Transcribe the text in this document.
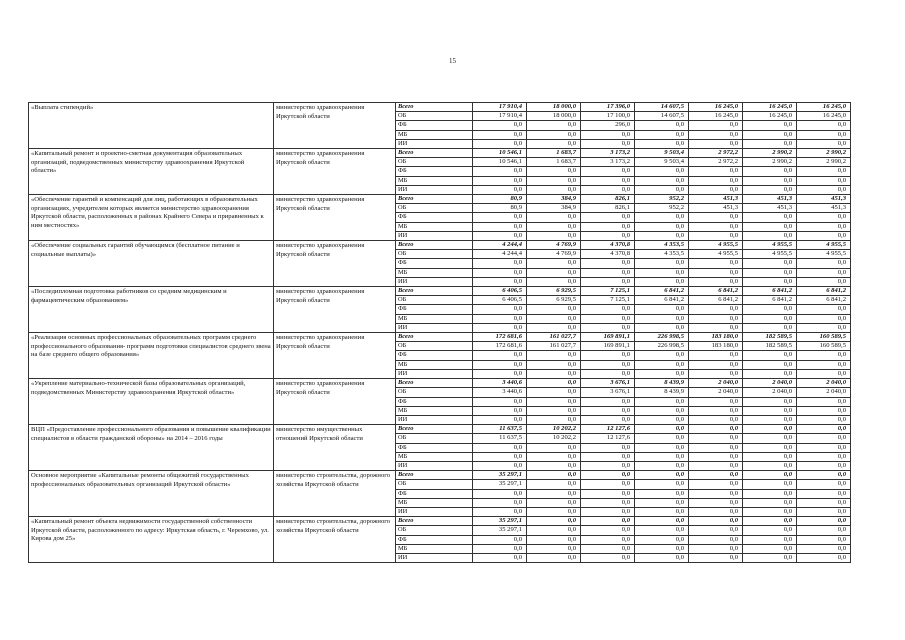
15
«Выплата стипендий»	министерство здравоохранения Иркутской области	Всего	17 910,4	18 000,0	17 396,0	14 607,5	16 245,0	16 245,0	16 245,0
		ОБ	17 910,4	18 000,0	17 100,0	14 607,5	16 245,0	16 245,0	16 245,0
		ФБ	0,0	0,0	296,0	0,0	0,0	0,0	0,0
		МБ	0,0	0,0	0,0	0,0	0,0	0,0	0,0
		ИИ	0,0	0,0	0,0	0,0	0,0	0,0	0,0
«Капитальный ремонт и проектно-сметная документация образовательных организаций, подведомственных министерству здравоохранения Иркутской области»	министерство здравоохранения Иркутской области	Всего	10 546,1	1 683,7	3 173,2	9 503,4	2 972,2	2 990,2	2 990,2
		ОБ	10 546,1	1 683,7	3 173,2	9 503,4	2 972,2	2 990,2	2 990,2
		ФБ	0,0	0,0	0,0	0,0	0,0	0,0	0,0
		МБ	0,0	0,0	0,0	0,0	0,0	0,0	0,0
		ИИ	0,0	0,0	0,0	0,0	0,0	0,0	0,0
«Обеспечение гарантий и компенсаций для лиц, работающих в образовательных организациях, учредителем которых является министерство здравоохранения Иркутской области, расположенных в районах Крайнего Севера и приравненных к ним местностях»	министерство здравоохранения Иркутской области	Всего	80,9	384,9	826,1	952,2	451,3	451,3	451,3
		ОБ	80,9	384,9	826,1	952,2	451,3	451,3	451,3
		ФБ	0,0	0,0	0,0	0,0	0,0	0,0	0,0
		МБ	0,0	0,0	0,0	0,0	0,0	0,0	0,0
		ИИ	0,0	0,0	0,0	0,0	0,0	0,0	0,0
«Обеспечение социальных гарантий обучающимся (бесплатное питание и социальные выплаты)»	министерство здравоохранения Иркутской области	Всего	4 244,4	4 769,9	4 370,8	4 353,5	4 955,5	4 955,5	4 955,5
		ОБ	4 244,4	4 769,9	4 370,8	4 353,5	4 955,5	4 955,5	4 955,5
		ФБ	0,0	0,0	0,0	0,0	0,0	0,0	0,0
		МБ	0,0	0,0	0,0	0,0	0,0	0,0	0,0
		ИИ	0,0	0,0	0,0	0,0	0,0	0,0	0,0
«Последипломная подготовка работников со средним медицинским и фармацевтическим образованием»	министерство здравоохранения Иркутской области	Всего	6 406,5	6 929,5	7 125,1	6 841,2	6 841,2	6 841,2	6 841,2
		ОБ	6 406,5	6 929,5	7 125,1	6 841,2	6 841,2	6 841,2	6 841,2
		ФБ	0,0	0,0	0,0	0,0	0,0	0,0	0,0
		МБ	0,0	0,0	0,0	0,0	0,0	0,0	0,0
		ИИ	0,0	0,0	0,0	0,0	0,0	0,0	0,0
«Реализация основных профессиональных образовательных программ среднего профессионального образования- программ подготовки специалистов среднего звена на базе среднего общего образования»	министерство здравоохранения Иркутской области	Всего	172 681,6	161 027,7	169 891,1	226 998,5	183 180,0	182 589,5	160 589,5
		ОБ	172 681,6	161 027,7	169 891,1	226 998,5	183 180,0	182 589,5	160 589,5
		ФБ	0,0	0,0	0,0	0,0	0,0	0,0	0,0
		МБ	0,0	0,0	0,0	0,0	0,0	0,0	0,0
		ИИ	0,0	0,0	0,0	0,0	0,0	0,0	0,0
«Укрепление материально-технической базы образовательных организаций, подведомственных Министерству здравоохранения Иркутской области»	министерство здравоохранения Иркутской области	Всего	3 440,6	0,0	3 676,1	8 439,9	2 040,0	2 040,0	2 040,0
		ОБ	3 440,6	0,0	3 676,1	8 439,9	2 040,0	2 040,0	2 040,0
		ФБ	0,0	0,0	0,0	0,0	0,0	0,0	0,0
		МБ	0,0	0,0	0,0	0,0	0,0	0,0	0,0
		ИИ	0,0	0,0	0,0	0,0	0,0	0,0	0,0
ВЦП «Предоставление профессионального образования и повышение квалификации специалистов в области гражданской обороны» на 2014 – 2016 годы	министерство имущественных отношений Иркутской области	Всего	11 637,5	10 202,2	12 127,6	0,0	0,0	0,0	0,0
		ОБ	11 637,5	10 202,2	12 127,6	0,0	0,0	0,0	0,0
		ФБ	0,0	0,0	0,0	0,0	0,0	0,0	0,0
		МБ	0,0	0,0	0,0	0,0	0,0	0,0	0,0
		ИИ	0,0	0,0	0,0	0,0	0,0	0,0	0,0
Основное мероприятие «Капитальные ремонты общежитий государственных профессиональных образовательных организаций Иркутской области»	министерство строительства, дорожного хозяйства Иркутской области	Всего	35 297,1	0,0	0,0	0,0	0,0	0,0	0,0
		ОБ	35 297,1	0,0	0,0	0,0	0,0	0,0	0,0
		ФБ	0,0	0,0	0,0	0,0	0,0	0,0	0,0
		МБ	0,0	0,0	0,0	0,0	0,0	0,0	0,0
		ИИ	0,0	0,0	0,0	0,0	0,0	0,0	0,0
«Капитальный ремонт объекта недвижимости государственной собственности Иркутской области, расположенного по адресу: Иркутская область, г. Черемхово, ул. Кирова дом 25»	министерство строительства, дорожного хозяйства Иркутской области	Всего	35 297,1	0,0	0,0	0,0	0,0	0,0	0,0
		ОБ	35 297,1	0,0	0,0	0,0	0,0	0,0	0,0
		ФБ	0,0	0,0	0,0	0,0	0,0	0,0	0,0
		МБ	0,0	0,0	0,0	0,0	0,0	0,0	0,0
		ИИ	0,0	0,0	0,0	0,0	0,0	0,0	0,0
